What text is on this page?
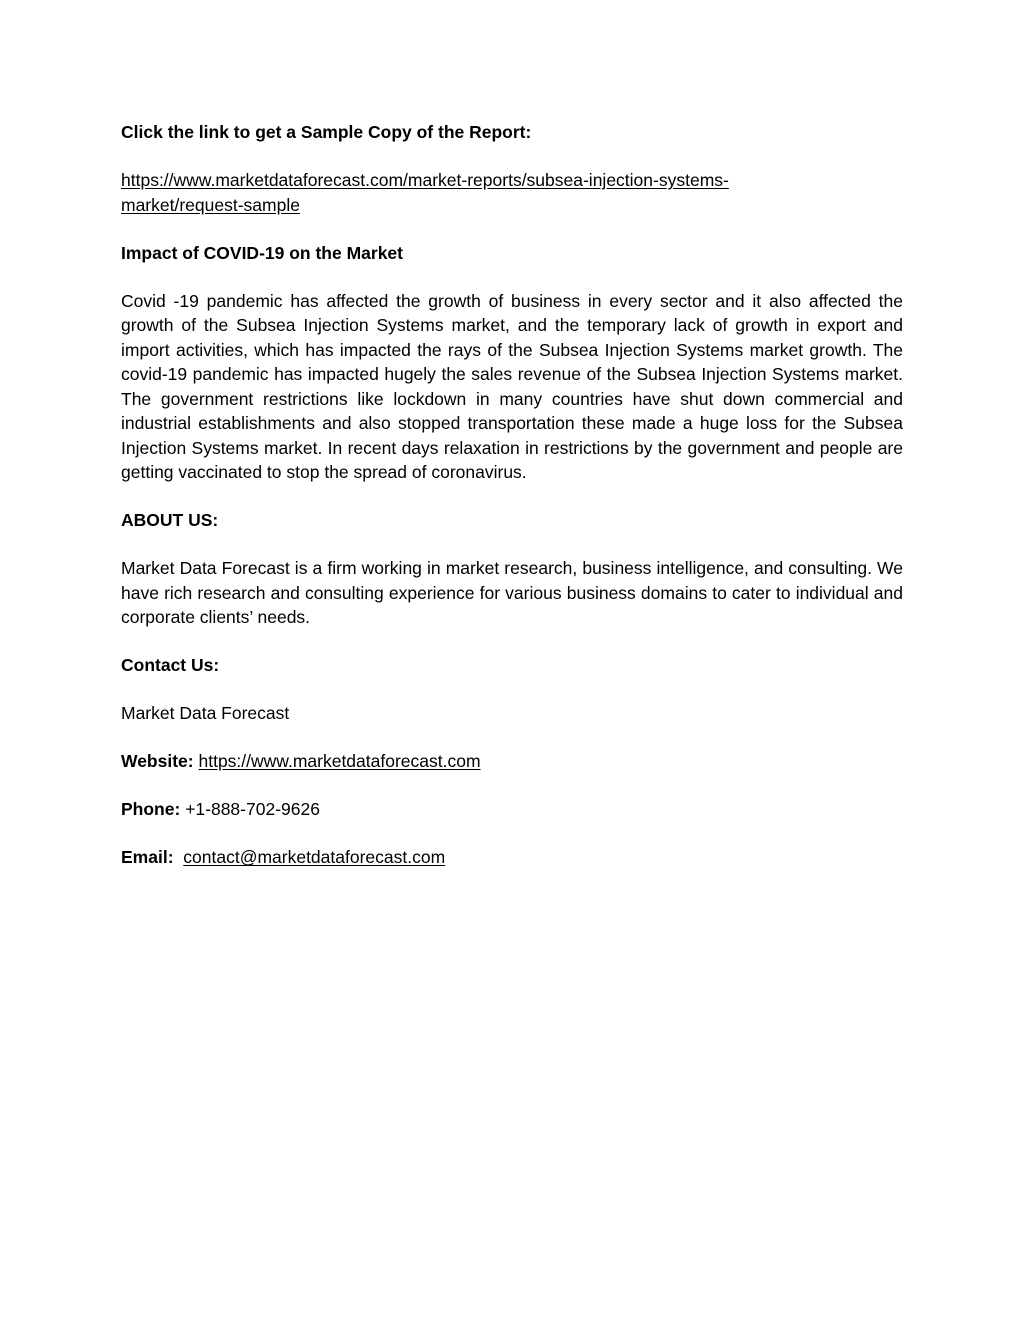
Click the link to get a Sample Copy of the Report:

https://www.marketdataforecast.com/market-reports/subsea-injection-systems-
market/request-sample

Impact of COVID-19 on the Market

Covid -19 pandemic has affected the growth of business in every sector and it also affected the growth of the Subsea Injection Systems market, and the temporary lack of growth in export and import activities, which has impacted the rays of the Subsea Injection Systems market growth. The covid-19 pandemic has impacted hugely the sales revenue of the Subsea Injection Systems market. The government restrictions like lockdown in many countries have shut down commercial and industrial establishments and also stopped transportation these made a huge loss for the Subsea Injection Systems market. In recent days relaxation in restrictions by the government and people are getting vaccinated to stop the spread of coronavirus.

ABOUT US:

Market Data Forecast is a firm working in market research, business intelligence, and consulting. We have rich research and consulting experience for various business domains to cater to individual and corporate clients’ needs.

Contact Us:

Market Data Forecast

Website: https://www.marketdataforecast.com

Phone: +1-888-702-9626

Email: contact@marketdataforecast.com
